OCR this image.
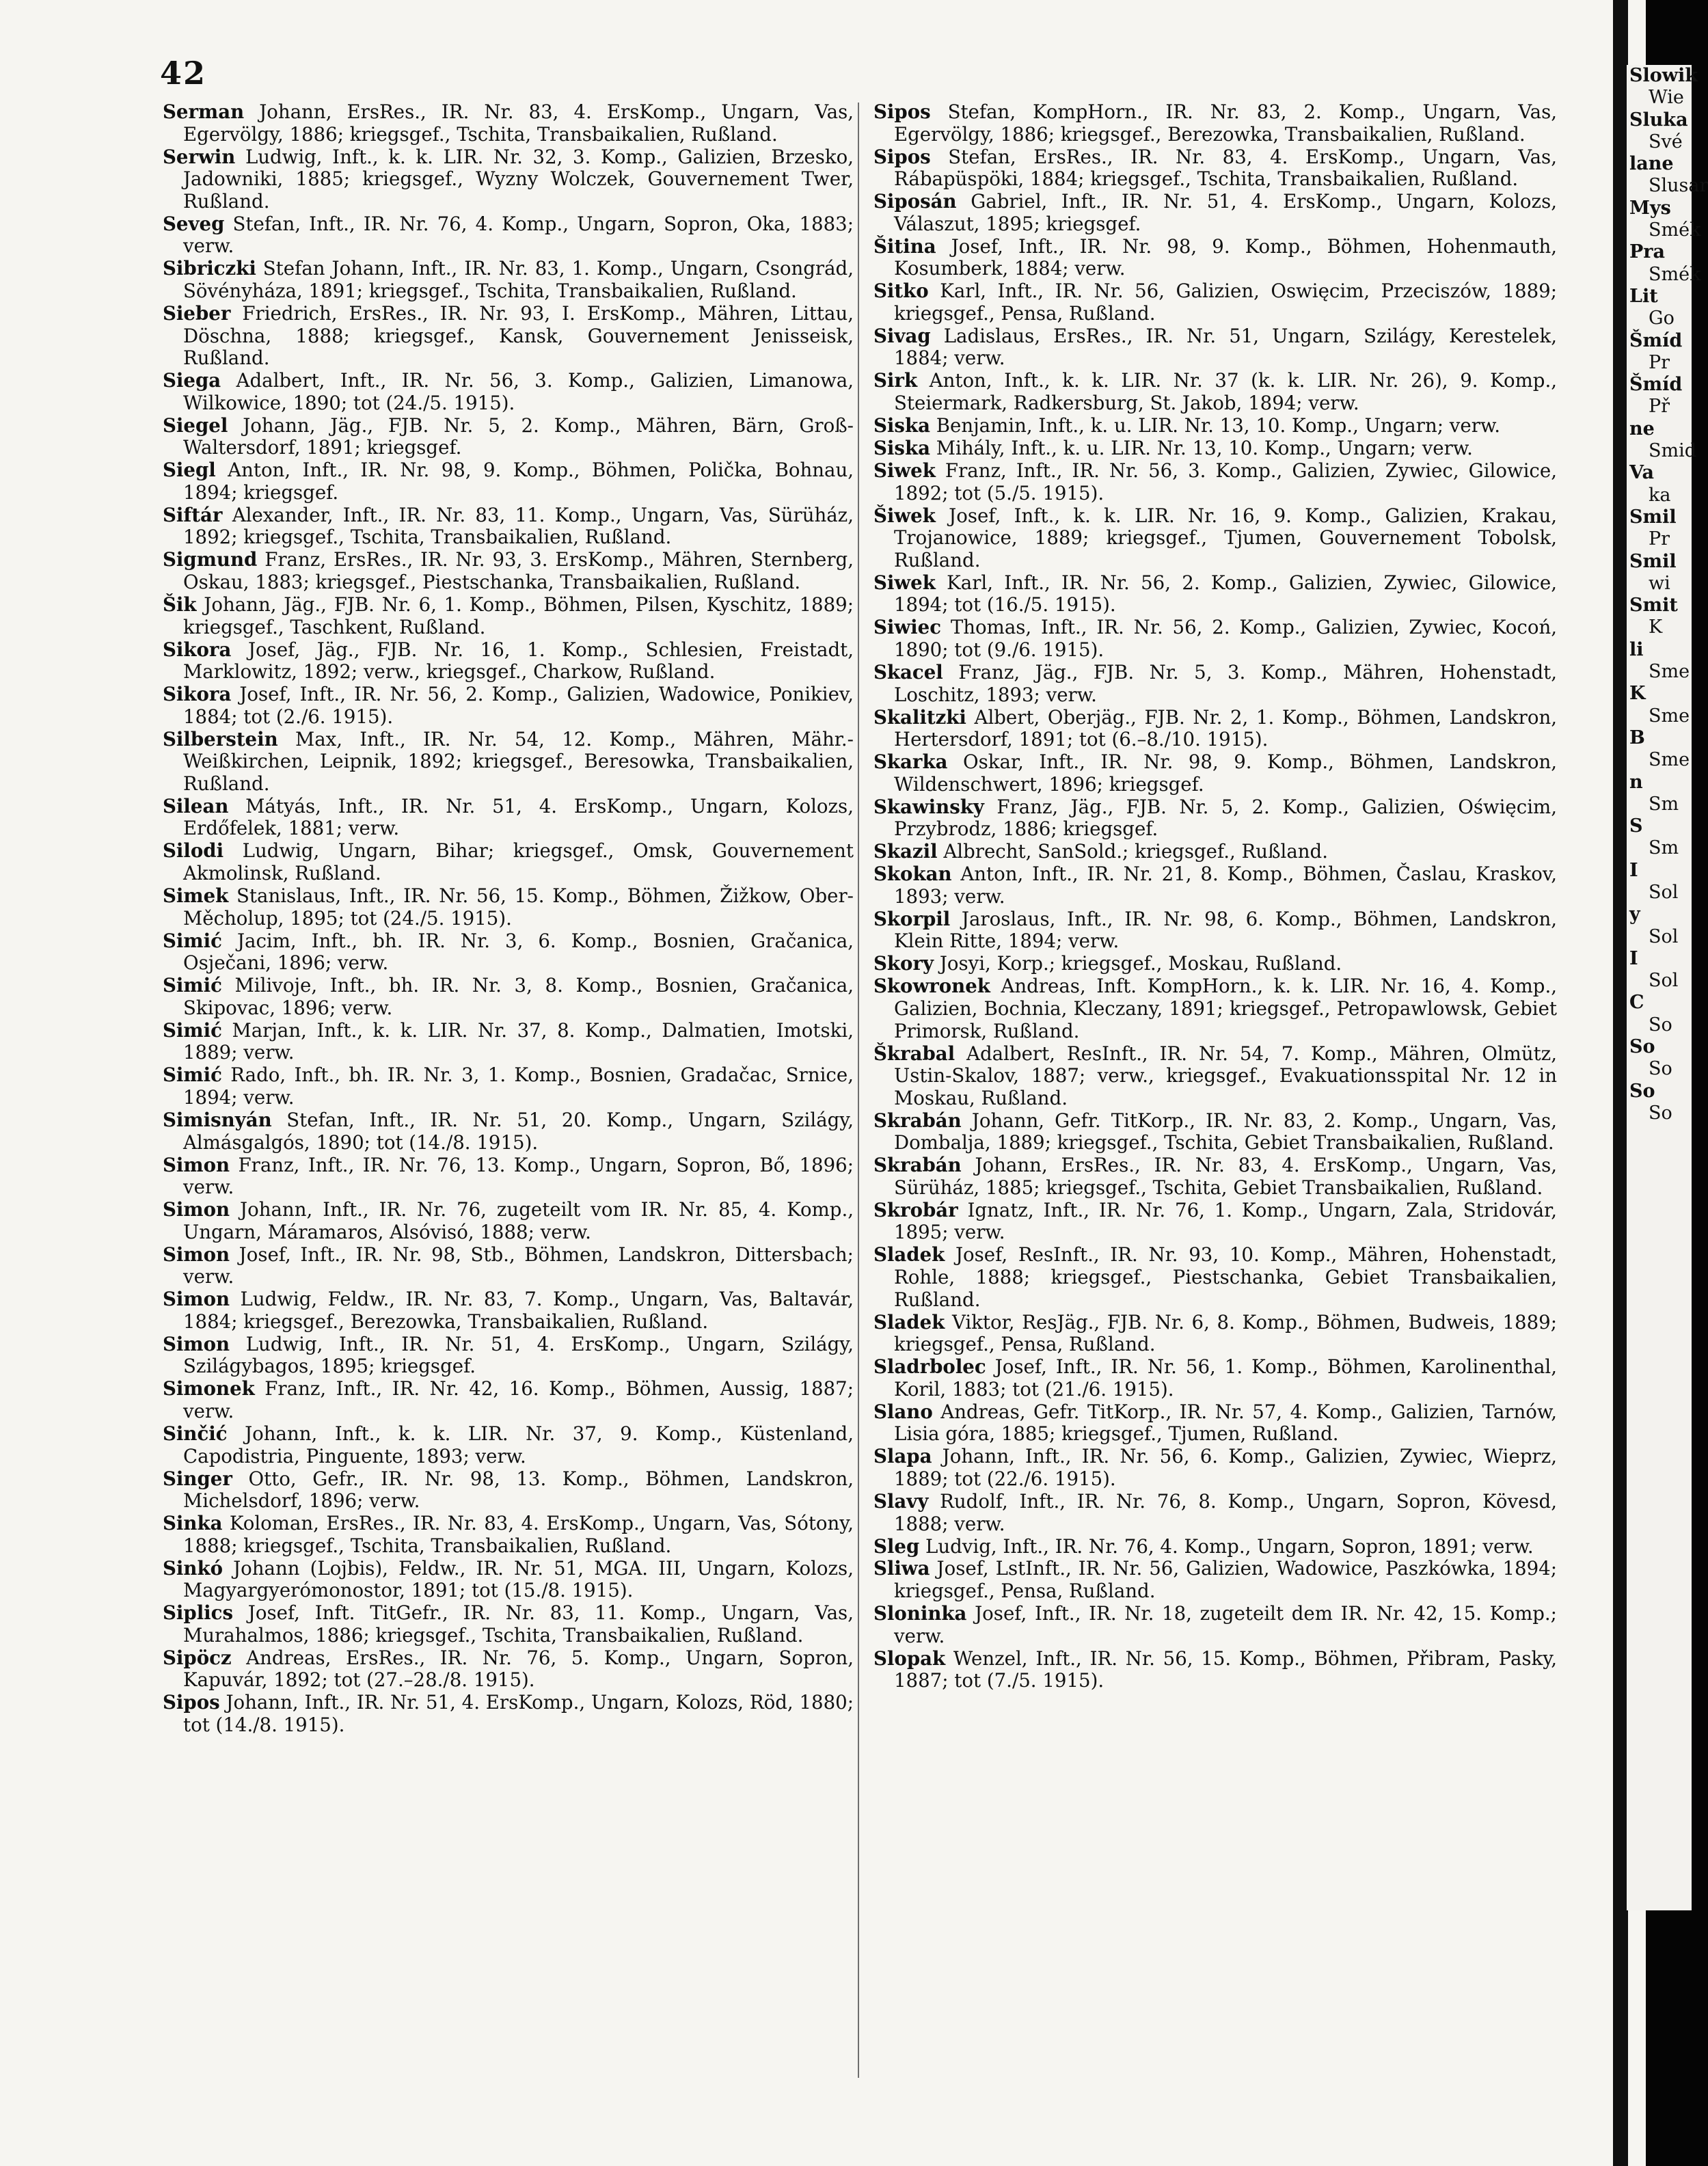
42
Serman Johann, ErsRes., IR. Nr. 83, 4. ErsKomp., Ungarn, Vas, Egervölgy, 1886; kriegsgef., Tschita, Transbaikalien, Rußland.
Serwin Ludwig, Inft., k. k. LIR. Nr. 32, 3. Komp., Galizien, Brzesko, Jadowniki, 1885; kriegsgef., Wyzny Wolczek, Gouvernement Twer, Rußland.
Seveg Stefan, Inft., IR. Nr. 76, 4. Komp., Ungarn, Sopron, Oka, 1883; verw.
Sibriczki Stefan Johann, Inft., IR. Nr. 83, 1. Komp., Ungarn, Csongrád, Sövényháza, 1891; kriegsgef., Tschita, Transbaikalien, Rußland.
Sieber Friedrich, ErsRes., IR. Nr. 93, I. ErsKomp., Mähren, Littau, Döschna, 1888; kriegsgef., Kansk, Gouvernement Jenisseisk, Rußland.
Siega Adalbert, Inft., IR. Nr. 56, 3. Komp., Galizien, Limanowa, Wilkowice, 1890; tot (24./5. 1915).
Siegel Johann, Jäg., FJB. Nr. 5, 2. Komp., Mähren, Bärn, Groß-Waltersdorf, 1891; kriegsgef.
Siegl Anton, Inft., IR. Nr. 98, 9. Komp., Böhmen, Polička, Bohnau, 1894; kriegsgef.
Siftár Alexander, Inft., IR. Nr. 83, 11. Komp., Ungarn, Vas, Sürüház, 1892; kriegsgef., Tschita, Transbaikalien, Rußland.
Sigmund Franz, ErsRes., IR. Nr. 93, 3. ErsKomp., Mähren, Sternberg, Oskau, 1883; kriegsgef., Piestschanka, Transbaikalien, Rußland.
Šik Johann, Jäg., FJB. Nr. 6, 1. Komp., Böhmen, Pilsen, Kyschitz, 1889; kriegsgef., Taschkent, Rußland.
Sikora Josef, Jäg., FJB. Nr. 16, 1. Komp., Schlesien, Freistadt, Marklowitz, 1892; verw., kriegsgef., Charkow, Rußland.
Sikora Josef, Inft., IR. Nr. 56, 2. Komp., Galizien, Wadowice, Ponikiev, 1884; tot (2./6. 1915).
Silberstein Max, Inft., IR. Nr. 54, 12. Komp., Mähren, Mähr.-Weißkirchen, Leipnik, 1892; kriegsgef., Beresowka, Transbaikalien, Rußland.
Silean Mátyás, Inft., IR. Nr. 51, 4. ErsKomp., Ungarn, Kolozs, Erdőfelek, 1881; verw.
Silodi Ludwig, Ungarn, Bihar; kriegsgef., Omsk, Gouvernement Akmolinsk, Rußland.
Simek Stanislaus, Inft., IR. Nr. 56, 15. Komp., Böhmen, Žižkow, Ober-Měcholup, 1895; tot (24./5. 1915).
Simić Jacim, Inft., bh. IR. Nr. 3, 6. Komp., Bosnien, Gračanica, Osječani, 1896; verw.
Simić Milivoje, Inft., bh. IR. Nr. 3, 8. Komp., Bosnien, Gračanica, Skipovac, 1896; verw.
Simić Marjan, Inft., k. k. LIR. Nr. 37, 8. Komp., Dalmatien, Imotski, 1889; verw.
Simić Rado, Inft., bh. IR. Nr. 3, 1. Komp., Bosnien, Gradačac, Srnice, 1894; verw.
Simisnyán Stefan, Inft., IR. Nr. 51, 20. Komp., Ungarn, Szilágy, Almásgalgós, 1890; tot (14./8. 1915).
Simon Franz, Inft., IR. Nr. 76, 13. Komp., Ungarn, Sopron, Bő, 1896; verw.
Simon Johann, Inft., IR. Nr. 76, zugeteilt vom IR. Nr. 85, 4. Komp., Ungarn, Máramaros, Alsóvisó, 1888; verw.
Simon Josef, Inft., IR. Nr. 98, Stb., Böhmen, Landskron, Dittersbach; verw.
Simon Ludwig, Feldw., IR. Nr. 83, 7. Komp., Ungarn, Vas, Baltavár, 1884; kriegsgef., Berezowka, Transbaikalien, Rußland.
Simon Ludwig, Inft., IR. Nr. 51, 4. ErsKomp., Ungarn, Szilágy, Szilágybagos, 1895; kriegsgef.
Simonek Franz, Inft., IR. Nr. 42, 16. Komp., Böhmen, Aussig, 1887; verw.
Sinčić Johann, Inft., k. k. LIR. Nr. 37, 9. Komp., Küstenland, Capodistria, Pinguente, 1893; verw.
Singer Otto, Gefr., IR. Nr. 98, 13. Komp., Böhmen, Landskron, Michelsdorf, 1896; verw.
Sinka Koloman, ErsRes., IR. Nr. 83, 4. ErsKomp., Ungarn, Vas, Sótony, 1888; kriegsgef., Tschita, Transbaikalien, Rußland.
Sinkó Johann (Lojbis), Feldw., IR. Nr. 51, MGA. III, Ungarn, Kolozs, Magyargyerómonostor, 1891; tot (15./8. 1915).
Siplics Josef, Inft. TitGefr., IR. Nr. 83, 11. Komp., Ungarn, Vas, Murahalmos, 1886; kriegsgef., Tschita, Transbaikalien, Rußland.
Sipöcz Andreas, ErsRes., IR. Nr. 76, 5. Komp., Ungarn, Sopron, Kapuvár, 1892; tot (27.–28./8. 1915).
Sipos Johann, Inft., IR. Nr. 51, 4. ErsKomp., Ungarn, Kolozs, Röd, 1880; tot (14./8. 1915).
Sipos Stefan, KompHorn., IR. Nr. 83, 2. Komp., Ungarn, Vas, Egervölgy, 1886; kriegsgef., Berezowka, Transbaikalien, Rußland.
Sipos Stefan, ErsRes., IR. Nr. 83, 4. ErsKomp., Ungarn, Vas, Rábapüspöki, 1884; kriegsgef., Tschita, Transbaikalien, Rußland.
Siposán Gabriel, Inft., IR. Nr. 51, 4. ErsKomp., Ungarn, Kolozs, Válaszut, 1895; kriegsgef.
Šitina Josef, Inft., IR. Nr. 98, 9. Komp., Böhmen, Hohenmauth, Kosumberk, 1884; verw.
Sitko Karl, Inft., IR. Nr. 56, Galizien, Oswięcim, Przeciszów, 1889; kriegsgef., Pensa, Rußland.
Sivag Ladislaus, ErsRes., IR. Nr. 51, Ungarn, Szilágy, Kerestelek, 1884; verw.
Sirk Anton, Inft., k. k. LIR. Nr. 37 (k. k. LIR. Nr. 26), 9. Komp., Steiermark, Radkersburg, St. Jakob, 1894; verw.
Siska Benjamin, Inft., k. u. LIR. Nr. 13, 10. Komp., Ungarn; verw.
Siska Mihály, Inft., k. u. LIR. Nr. 13, 10. Komp., Ungarn; verw.
Siwek Franz, Inft., IR. Nr. 56, 3. Komp., Galizien, Zywiec, Gilowice, 1892; tot (5./5. 1915).
Šiwek Josef, Inft., k. k. LIR. Nr. 16, 9. Komp., Galizien, Krakau, Trojanowice, 1889; kriegsgef., Tjumen, Gouvernement Tobolsk, Rußland.
Siwek Karl, Inft., IR. Nr. 56, 2. Komp., Galizien, Zywiec, Gilowice, 1894; tot (16./5. 1915).
Siwiec Thomas, Inft., IR. Nr. 56, 2. Komp., Galizien, Zywiec, Kocoń, 1890; tot (9./6. 1915).
Skacel Franz, Jäg., FJB. Nr. 5, 3. Komp., Mähren, Hohenstadt, Loschitz, 1893; verw.
Skalitzki Albert, Oberjäg., FJB. Nr. 2, 1. Komp., Böhmen, Landskron, Hertersdorf, 1891; tot (6.–8./10. 1915).
Skarka Oskar, Inft., IR. Nr. 98, 9. Komp., Böhmen, Landskron, Wildenschwert, 1896; kriegsgef.
Skawinsky Franz, Jäg., FJB. Nr. 5, 2. Komp., Galizien, Oświęcim, Przybrodz, 1886; kriegsgef.
Skazil Albrecht, SanSold.; kriegsgef., Rußland.
Skokan Anton, Inft., IR. Nr. 21, 8. Komp., Böhmen, Časlau, Kraskov, 1893; verw.
Skorpil Jaroslaus, Inft., IR. Nr. 98, 6. Komp., Böhmen, Landskron, Klein Ritte, 1894; verw.
Skory Josyi, Korp.; kriegsgef., Moskau, Rußland.
Skowronek Andreas, Inft. KompHorn., k. k. LIR. Nr. 16, 4. Komp., Galizien, Bochnia, Kleczany, 1891; kriegsgef., Petropawlowsk, Gebiet Primorsk, Rußland.
Škrabal Adalbert, ResInft., IR. Nr. 54, 7. Komp., Mähren, Olmütz, Ustin-Skalov, 1887; verw., kriegsgef., Evakuationsspital Nr. 12 in Moskau, Rußland.
Skrabán Johann, Gefr. TitKorp., IR. Nr. 83, 2. Komp., Ungarn, Vas, Dombalja, 1889; kriegsgef., Tschita, Gebiet Transbaikalien, Rußland.
Skrabán Johann, ErsRes., IR. Nr. 83, 4. ErsKomp., Ungarn, Vas, Sürüház, 1885; kriegsgef., Tschita, Gebiet Transbaikalien, Rußland.
Skrobár Ignatz, Inft., IR. Nr. 76, 1. Komp., Ungarn, Zala, Stridovár, 1895; verw.
Sladek Josef, ResInft., IR. Nr. 93, 10. Komp., Mähren, Hohenstadt, Rohle, 1888; kriegsgef., Piestschanka, Gebiet Transbaikalien, Rußland.
Sladek Viktor, ResJäg., FJB. Nr. 6, 8. Komp., Böhmen, Budweis, 1889; kriegsgef., Pensa, Rußland.
Sladrbolec Josef, Inft., IR. Nr. 56, 1. Komp., Böhmen, Karolinenthal, Koril, 1883; tot (21./6. 1915).
Slano Andreas, Gefr. TitKorp., IR. Nr. 57, 4. Komp., Galizien, Tarnów, Lisia góra, 1885; kriegsgef., Tjumen, Rußland.
Slapa Johann, Inft., IR. Nr. 56, 6. Komp., Galizien, Zywiec, Wieprz, 1889; tot (22./6. 1915).
Slavy Rudolf, Inft., IR. Nr. 76, 8. Komp., Ungarn, Sopron, Kövesd, 1888; verw.
Sleg Ludvig, Inft., IR. Nr. 76, 4. Komp., Ungarn, Sopron, 1891; verw.
Sliwa Josef, LstInft., IR. Nr. 56, Galizien, Wadowice, Paszkówka, 1894; kriegsgef., Pensa, Rußland.
Sloninka Josef, Inft., IR. Nr. 18, zugeteilt dem IR. Nr. 42, 15. Komp.; verw.
Slopak Wenzel, Inft., IR. Nr. 56, 15. Komp., Böhmen, Přibram, Pasky, 1887; tot (7./5. 1915).
Slowik
Wie
Sluka
Své
lane
Slusar
Mys
Smék
Pra
Smék
Lit
Go
Šmíd
Pr
Šmíd
Př
ne
Smid
Va
ka
Smil
Pr
Smil
wi
Smit
K
li
Sme
K
Sme
B
Sme
n
Sm
S
Sm
I
Sol
y
Sol
I
Sol
C
So
So
So
So
So
